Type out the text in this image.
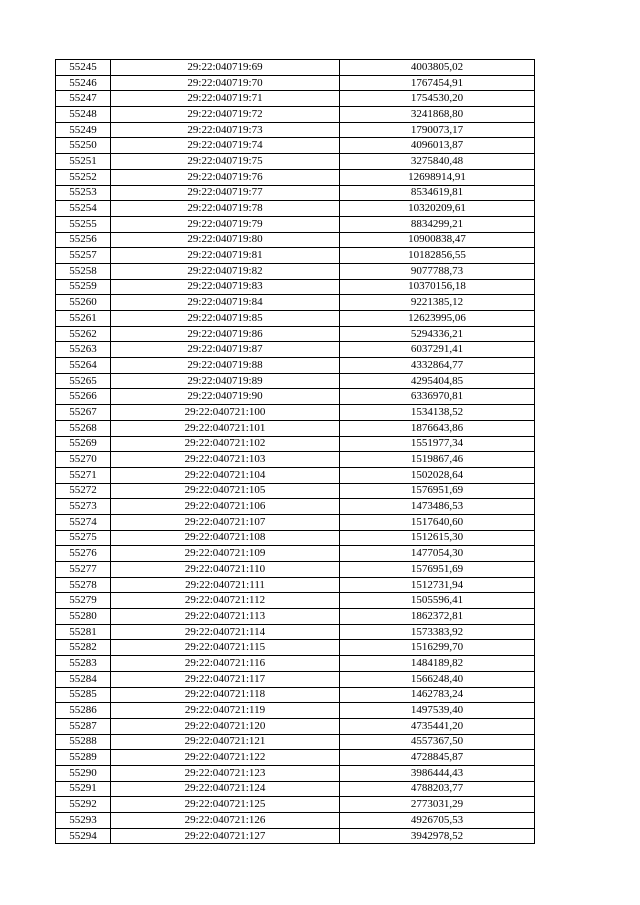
55245	29:22:040719:69	4003805,02
55246	29:22:040719:70	1767454,91
55247	29:22:040719:71	1754530,20
55248	29:22:040719:72	3241868,80
55249	29:22:040719:73	1790073,17
55250	29:22:040719:74	4096013,87
55251	29:22:040719:75	3275840,48
55252	29:22:040719:76	12698914,91
55253	29:22:040719:77	8534619,81
55254	29:22:040719:78	10320209,61
55255	29:22:040719:79	8834299,21
55256	29:22:040719:80	10900838,47
55257	29:22:040719:81	10182856,55
55258	29:22:040719:82	9077788,73
55259	29:22:040719:83	10370156,18
55260	29:22:040719:84	9221385,12
55261	29:22:040719:85	12623995,06
55262	29:22:040719:86	5294336,21
55263	29:22:040719:87	6037291,41
55264	29:22:040719:88	4332864,77
55265	29:22:040719:89	4295404,85
55266	29:22:040719:90	6336970,81
55267	29:22:040721:100	1534138,52
55268	29:22:040721:101	1876643,86
55269	29:22:040721:102	1551977,34
55270	29:22:040721:103	1519867,46
55271	29:22:040721:104	1502028,64
55272	29:22:040721:105	1576951,69
55273	29:22:040721:106	1473486,53
55274	29:22:040721:107	1517640,60
55275	29:22:040721:108	1512615,30
55276	29:22:040721:109	1477054,30
55277	29:22:040721:110	1576951,69
55278	29:22:040721:111	1512731,94
55279	29:22:040721:112	1505596,41
55280	29:22:040721:113	1862372,81
55281	29:22:040721:114	1573383,92
55282	29:22:040721:115	1516299,70
55283	29:22:040721:116	1484189,82
55284	29:22:040721:117	1566248,40
55285	29:22:040721:118	1462783,24
55286	29:22:040721:119	1497539,40
55287	29:22:040721:120	4735441,20
55288	29:22:040721:121	4557367,50
55289	29:22:040721:122	4728845,87
55290	29:22:040721:123	3986444,43
55291	29:22:040721:124	4788203,77
55292	29:22:040721:125	2773031,29
55293	29:22:040721:126	4926705,53
55294	29:22:040721:127	3942978,52
